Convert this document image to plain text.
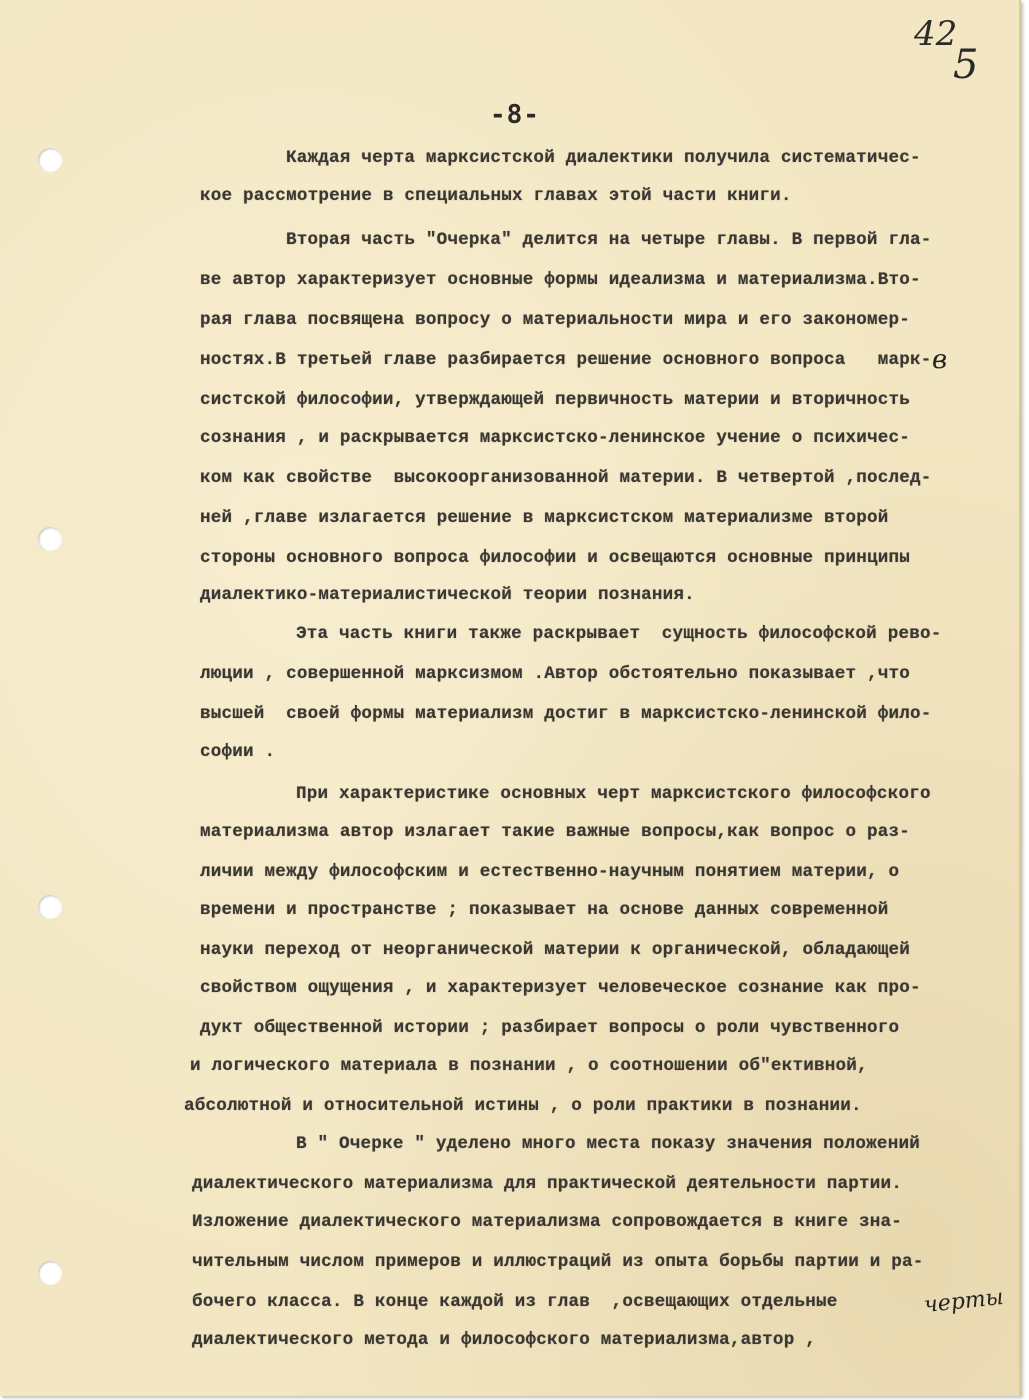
42
5
-8-
Каждая черта марксистской диалектики получила систематичес-
кое рассмотрение в специальных главах этой части книги.
Вторая часть "Очерка" делится на четыре главы. В первой гла-
ве автор характеризует основные формы идеализма и материализма.Вто-
рая глава посвящена вопросу о материальности мира и его закономер-
ностях.В третьей главе разбирается решение основного вопроса   марк-
систской философии, утверждающей первичность материи и вторичность
сознания , и раскрывается марксистско-ленинское учение о психичес-
ком как свойстве  высокоорганизованной материи. В четвертой ,послед-
ней ,главе излагается решение в марксистском материализме второй
стороны основного вопроса философии и освещаются основные принципы
диалектико-материалистической теории познания.
Эта часть книги также раскрывает  сущность философской рево-
люции , совершенной марксизмом .Автор обстоятельно показывает ,что
высшей  своей формы материализм достиг в марксистско-ленинской фило-
софии .
При характеристике основных черт марксистского философского
материализма автор излагает такие важные вопросы,как вопрос о раз-
личии между философским и естественно-научным понятием материи, о
времени и пространстве ; показывает на основе данных современной
науки переход от неорганической материи к органической, обладающей
свойством ощущения , и характеризует человеческое сознание как про-
дукт общественной истории ; разбирает вопросы о роли чувственного
и логического материала в познании , о соотношении об"ективной,
абсолютной и относительной истины , о роли практики в познании.
В " Очерке " уделено много места показу значения положений
диалектического материализма для практической деятельности партии.
Изложение диалектического материализма сопровождается в книге зна-
чительным числом примеров и иллюстраций из опыта борьбы партии и ра-
бочего класса. В конце каждой из глав  ,освещающих отдельные
диалектического метода и философского материализма,автор ,
в
черты
